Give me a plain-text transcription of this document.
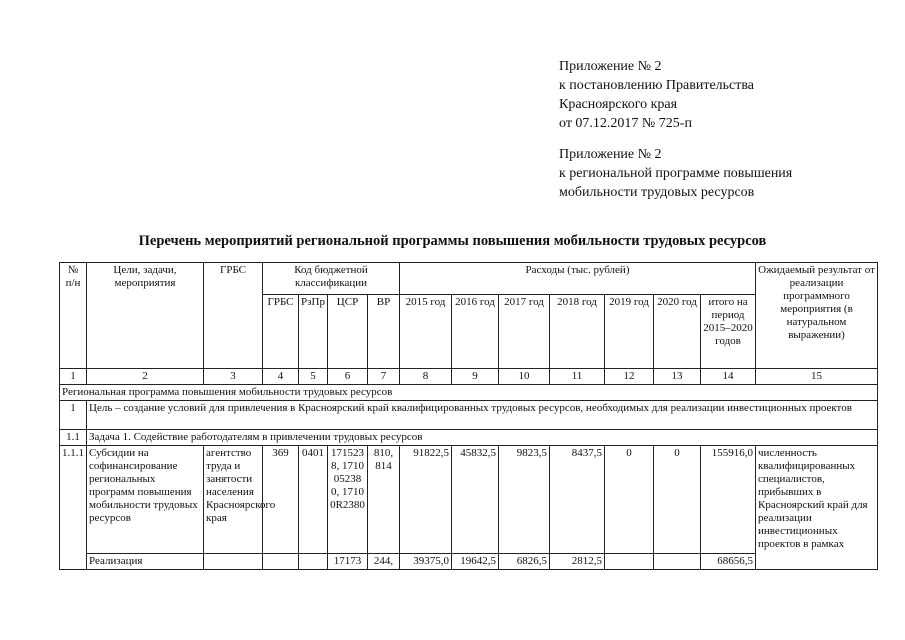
Приложение № 2
к постановлению Правительства
Красноярского края
от 07.12.2017 № 725-п
Приложение № 2
к региональной программе повышения
мобильности трудовых ресурсов
Перечень мероприятий региональной программы повышения мобильности трудовых ресурсов
№ п/н	Цели, задачи, мероприятия	ГРБС	Код бюджетной классификации				Расходы (тыс. рублей)							Ожидаемый результат от реализации программного мероприятия (в натуральном выражении)
			ГРБС	РзПр	ЦСР	ВР	2015 год	2016 год	2017 год	2018 год	2019 год	2020 год	итого на период 2015–2020 годов	
1	2	3	4	5	6	7	8	9	10	11	12	13	14	15
Региональная программа повышения мобильности трудовых ресурсов														
1	Цель – создание условий для привлечения в Красноярский край квалифицированных трудовых ресурсов, необходимых для реализации инвестиционных проектов													
1.1	Задача 1. Содействие работодателям в привлечении трудовых ресурсов													
1.1.1	Субсидии на софинансирование региональных программ повышения мобильности трудовых ресурсов	агентство труда и занятости населения Красноярского края	369	0401	1715238, 1710052380, 17100R2380	810, 814	91822,5	45832,5	9823,5	8437,5	0	0	155916,0	численность квалифицированных специалистов, прибывших в Красноярский край для реализации инвестиционных проектов в рамках
	Реализация				17173	244,	39375,0	19642,5	6826,5	2812,5			68656,5	
